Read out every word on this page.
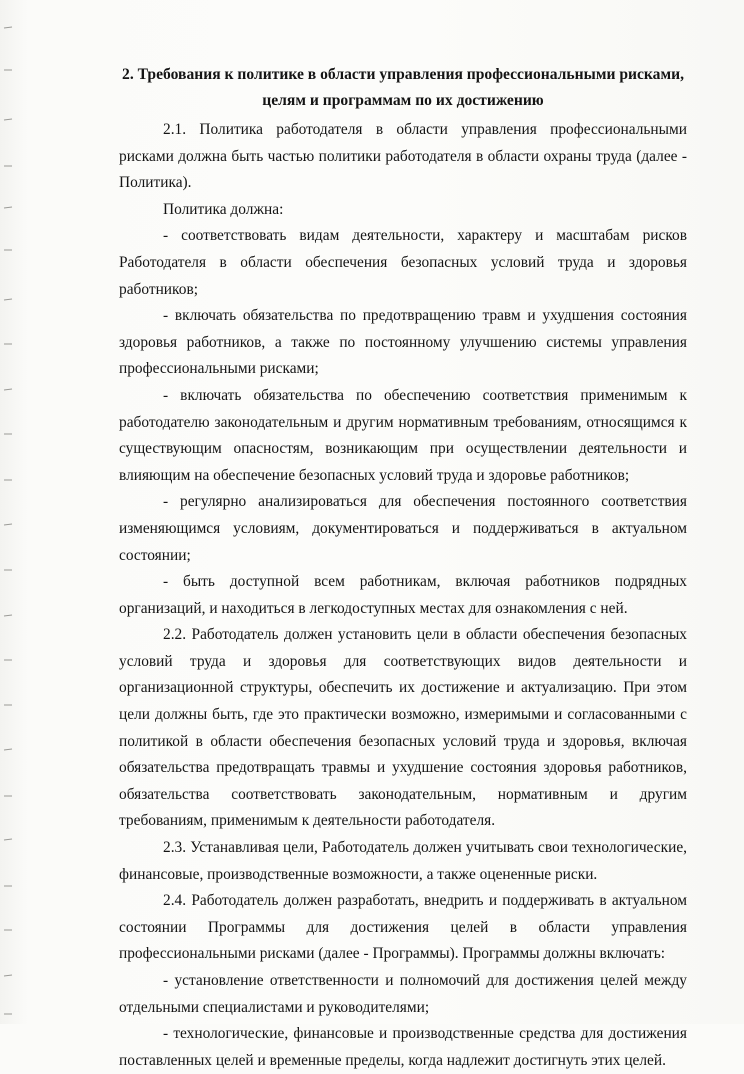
2. Требования к политике в области управления профессиональными рисками,
целям и программам по их достижению

2.1. Политика работодателя в области управления профессиональными рисками должна быть частью политики работодателя в области охраны труда (далее - Политика).

Политика должна:

- соответствовать видам деятельности, характеру и масштабам рисков Работодателя в области обеспечения безопасных условий труда и здоровья работников;

- включать обязательства по предотвращению травм и ухудшения состояния здоровья работников, а также по постоянному улучшению системы управления профессиональными рисками;

- включать обязательства по обеспечению соответствия применимым к работодателю законодательным и другим нормативным требованиям, относящимся к существующим опасностям, возникающим при осуществлении деятельности и влияющим на обеспечение безопасных условий труда и здоровье работников;

- регулярно анализироваться для обеспечения постоянного соответствия изменяющимся условиям, документироваться и поддерживаться в актуальном состоянии;

- быть доступной всем работникам, включая работников подрядных организаций, и находиться в легкодоступных местах для ознакомления с ней.

2.2. Работодатель должен установить цели в области обеспечения безопасных условий труда и здоровья для соответствующих видов деятельности и организационной структуры, обеспечить их достижение и актуализацию. При этом цели должны быть, где это практически возможно, измеримыми и согласованными с политикой в области обеспечения безопасных условий труда и здоровья, включая обязательства предотвращать травмы и ухудшение состояния здоровья работников, обязательства соответствовать законодательным, нормативным и другим требованиям, применимым к деятельности работодателя.

2.3. Устанавливая цели, Работодатель должен учитывать свои технологические, финансовые, производственные возможности, а также оцененные риски.

2.4. Работодатель должен разработать, внедрить и поддерживать в актуальном состоянии Программы для достижения целей в области управления профессиональными рисками (далее - Программы). Программы должны включать:

- установление ответственности и полномочий для достижения целей между отдельными специалистами и руководителями;

- технологические, финансовые и производственные средства для достижения поставленных целей и временные пределы, когда надлежит достигнуть этих целей.
